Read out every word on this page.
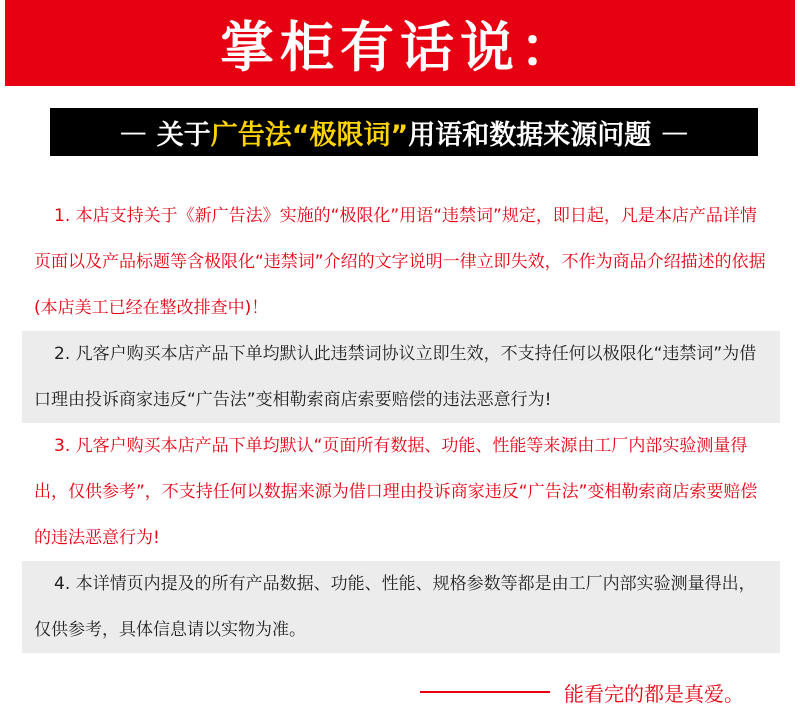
掌柜有话说：
— 关于 广告法“极限词” 用语和数据来源问题 —
1. 本店支持关于《新广告法》实施的“极限化”用语“违禁词”规定，即日起，凡是本店产品详情页面以及产品标题等含极限化“违禁词”介绍的文字说明一律立即失效，不作为商品介绍描述的依据(本店美工已经在整改排查中)！
2. 凡客户购买本店产品下单均默认此违禁词协议立即生效，不支持任何以极限化“违禁词”为借口理由投诉商家违反“广告法”变相勒索商店索要赔偿的违法恶意行为!
3. 凡客户购买本店产品下单均默认“页面所有数据、功能、性能等来源由工厂内部实验测量得出，仅供参考”，不支持任何以数据来源为借口理由投诉商家违反“广告法”变相勒索商店索要赔偿的违法恶意行为!
4. 本详情页内提及的所有产品数据、功能、性能、规格参数等都是由工厂内部实验测量得出，仅供参考，具体信息请以实物为准。
能看完的都是真爱。
